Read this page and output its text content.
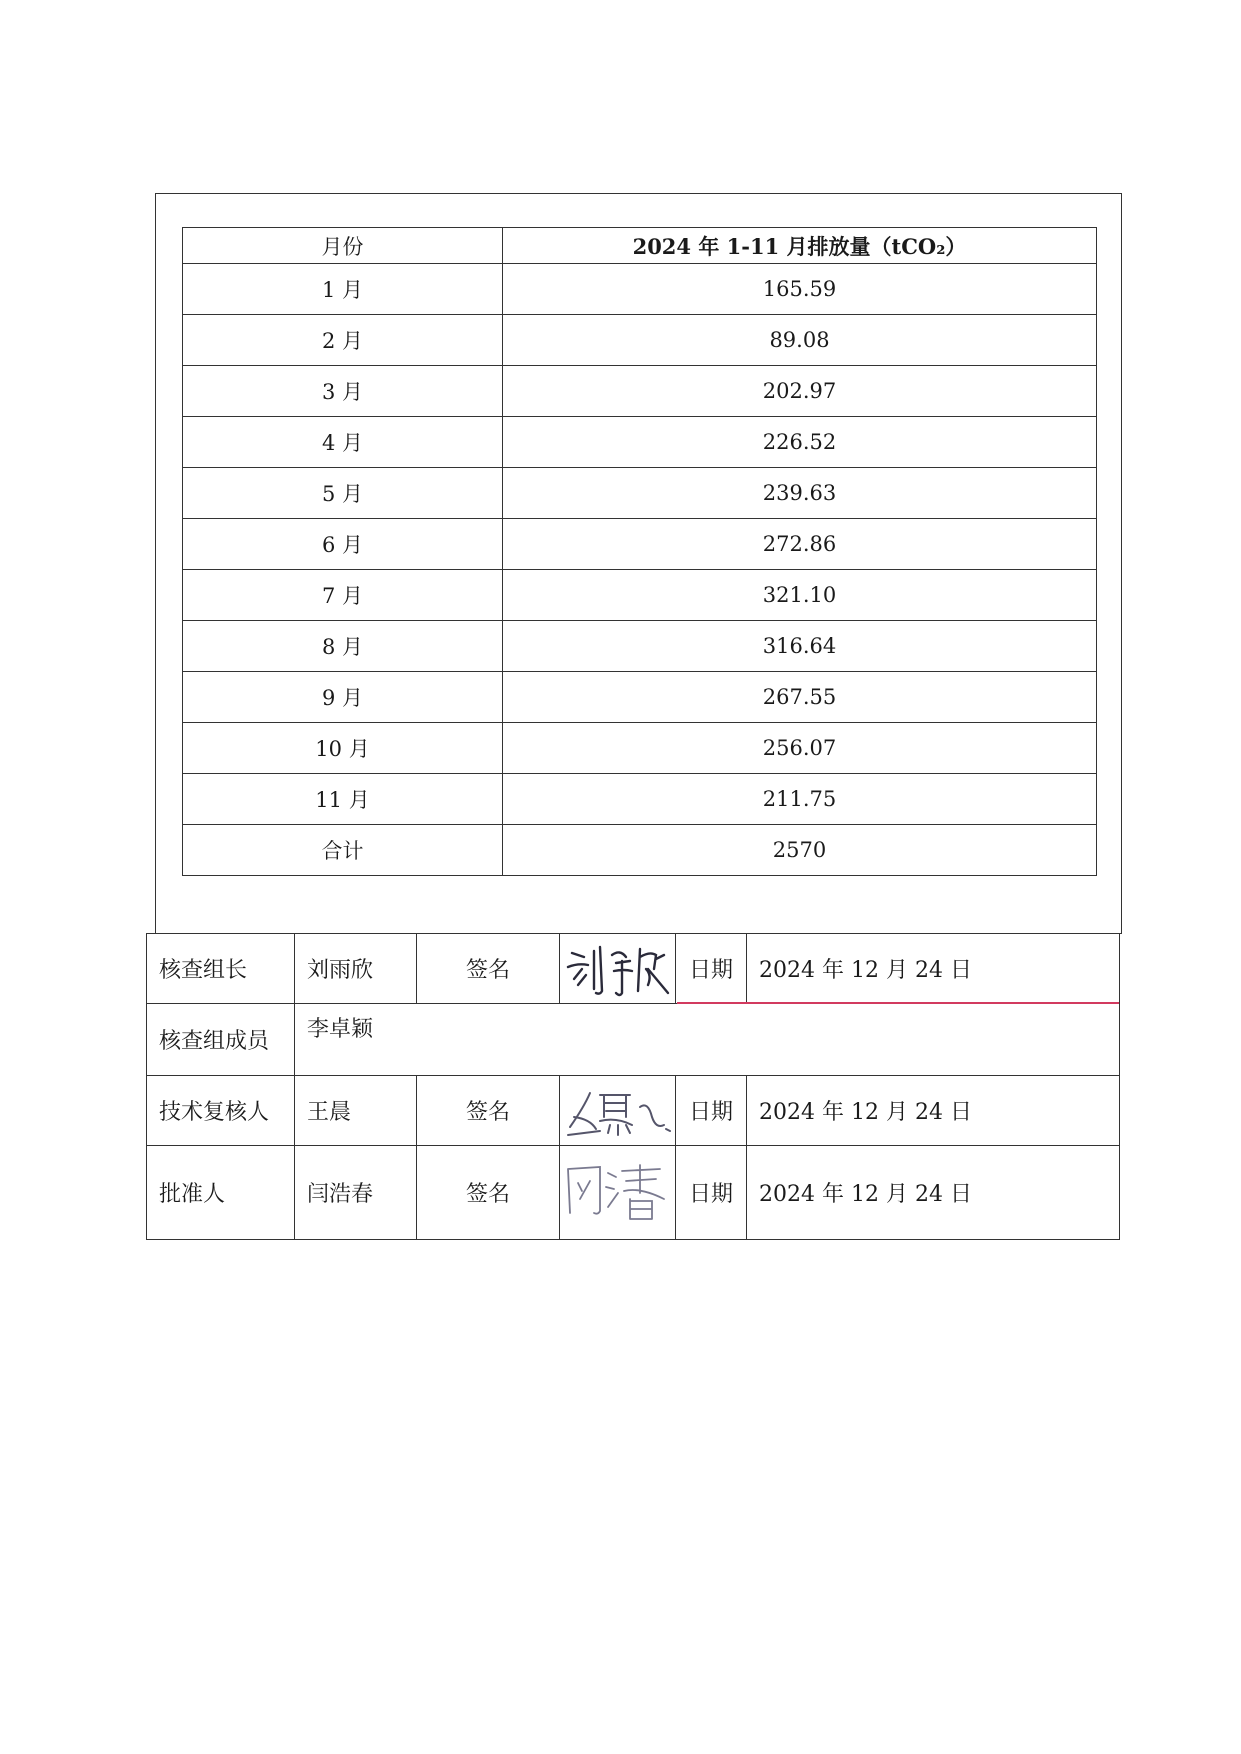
月份	2024 年 1-11 月排放量（tCO₂）
1 月	165.59
2 月	89.08
3 月	202.97
4 月	226.52
5 月	239.63
6 月	272.86
7 月	321.10
8 月	316.64
9 月	267.55
10 月	256.07
11 月	211.75
合计	2570
核查组长	刘雨欣	签名		日期	2024 年 12 月 24 日
核查组成员	李卓颖				
技术复核人	王晨	签名		日期	2024 年 12 月 24 日
批准人	闫浩春	签名		日期	2024 年 12 月 24 日
